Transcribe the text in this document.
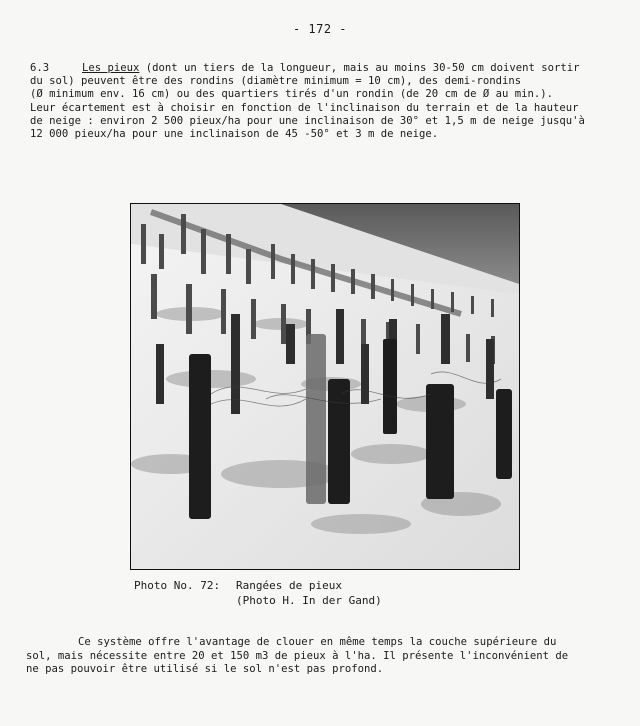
- 172 -
6.3	Les pieux (dont un tiers de la longueur, mais au moins 30-50 cm doivent sortir
du sol) peuvent être des rondins (diamètre minimum = 10 cm), des demi-rondins
(Ø minimum env. 16 cm) ou des quartiers tirés d'un rondin (de 20 cm de Ø au min.).
Leur écartement est à choisir en fonction de l'inclinaison du terrain et de la hauteur
de neige : environ 2 500 pieux/ha pour une inclinaison de 30° et 1,5 m de neige jusqu'à
12 000 pieux/ha pour une inclinaison de 45 -50° et 3 m de neige.
Photo No. 72: Rangées de pieux
(Photo H. In der Gand)
Ce système offre l'avantage de clouer en même temps la couche supérieure du
sol, mais nécessite entre 20 et 150 m3 de pieux à l'ha. Il présente l'inconvénient de
ne pas pouvoir être utilisé si le sol n'est pas profond.
